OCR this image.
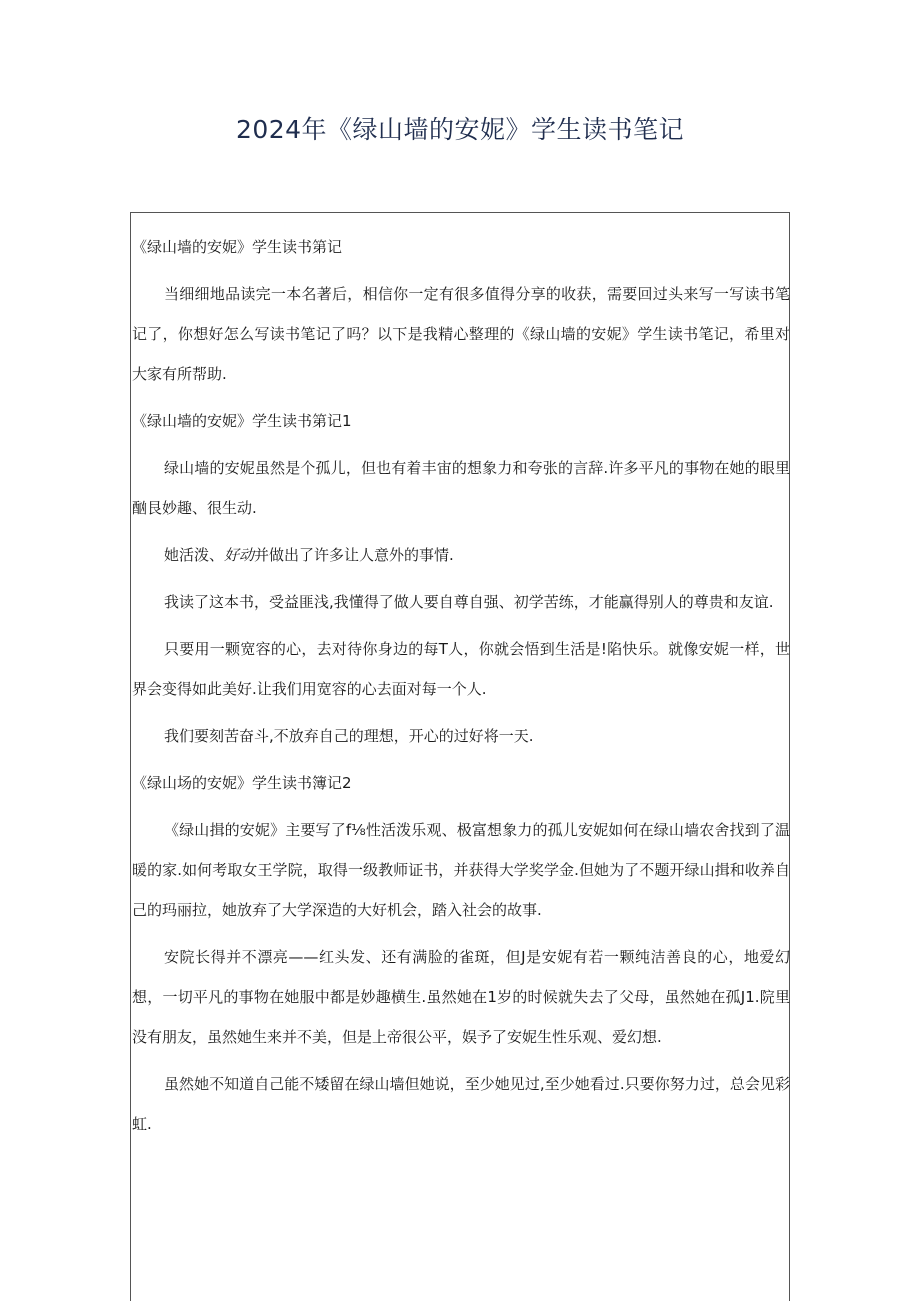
2024年《绿山墙的安妮》学生读书笔记

《绿山墙的安妮》学生读书第记

当细细地品读完一本名著后，相信你一定有很多值得分享的收获，需要回过头来写一写读书笔记了，你想好怎么写读书笔记了吗？以下是我精心整理的《绿山墙的安妮》学生读书笔记，希里对大家有所帮助.

《绿山墙的安妮》学生读书第记1

绿山墙的安妮虽然是个孤儿，但也有着丰宙的想象力和夸张的言辞.许多平凡的事物在她的眼里酗艮妙趣、很生动.

她活泼、好动并做出了许多让人意外的事情.

我读了这本书，受益匪浅,我懂得了做人要自尊自强、初学苦练，才能赢得别人的尊贵和友谊.

只要用一颗宽容的心，去对待你身边的每T人，你就会悟到生活是!陷快乐。就像安妮一样，世界会变得如此美好.让我们用宽容的心去面对每一个人.

我们要刻苦奋斗,不放弃自己的理想，开心的过好将一天.

《绿山场的安妮》学生读书簿记2

《绿山揖的安妮》主要写了f⅛性活泼乐观、极富想象力的孤儿安妮如何在绿山墙农舍找到了温暖的家.如何考取女王学院，取得一级教师证书，并获得大学奖学金.但她为了不题开绿山揖和收养自己的玛丽拉，她放弃了大学深造的大好机会，踏入社会的故事.

安院长得并不漂亮——红头发、还有满脸的雀斑，但J是安妮有若一颗纯洁善良的心，地爱幻想，一切平凡的事物在她服中都是妙趣横生.虽然她在1岁的时候就失去了父母，虽然她在孤J1.院里没有朋友，虽然她生来并不美，但是上帝很公平，娱予了安妮生性乐观、爱幻想.

虽然她不知道自己能不矮留在绿山墙但她说，至少她见过,至少她看过.只要你努力过，总会见彩虹.
